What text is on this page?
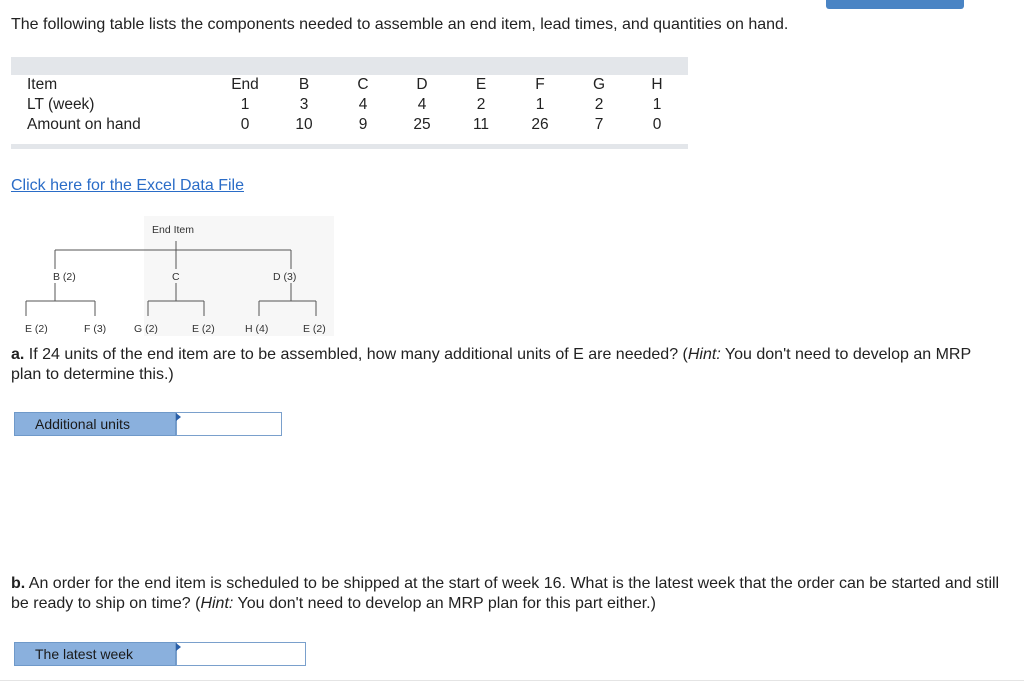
The following table lists the components needed to assemble an end item, lead times, and quantities on hand.
Item	End	B	C	D	E	F	G	H
LT (week)	1	3	4	4	2	1	2	1
Amount on hand	0	10	9	25	11	26	7	0
Click here for the Excel Data File
End Item
B (2)	C	D (3)
E (2)	F (3)	G (2)	E (2)	H (4)	E (2)
a. If 24 units of the end item are to be assembled, how many additional units of E are needed? (Hint: You don't need to develop an MRP plan to determine this.)
Additional units
b. An order for the end item is scheduled to be shipped at the start of week 16. What is the latest week that the order can be started and still be ready to ship on time? (Hint: You don't need to develop an MRP plan for this part either.)
The latest week
